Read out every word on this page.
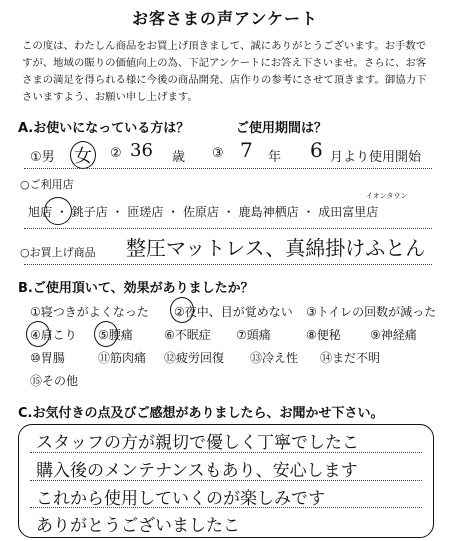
お客さまの声アンケート
この度は、わたしん商品をお買上げ頂きまして、誠にありがとうございます。お手数ですが、地域の賑りの価値向上の為、下記アンケートにお答え下さいませ。さらに、お客さまの満足を得られる様に今後の商品開発、店作りの参考にさせて頂きます。御協力下さいますよう、お願い申し上げます。
A.お使いになっている方は？	ご使用期間は？
①男 女	② 36 歳 ③ 7 年 6 月より使用開始
○ご利用店
イオンタウン
旭店 ・ 銚子店 ・ 匝瑳店 ・ 佐原店 ・ 鹿島神栖店 ・ 成田富里店
○お買上げ商品 整圧マットレス、真綿掛けふとん
B.ご使用頂いて、効果がありましたか？
①寝つきがよくなった ②夜中、目が覚めない ③トイレの回数が減った
④肩こり ⑤腰痛	⑥不眠症 ⑦頭痛	⑧便秘 ⑨神経痛
⑩胃腸	⑪筋肉痛 ⑫疲労回復 ⑬冷え性 ⑭まだ不明
⑮その他
C.お気付きの点及びご感想がありましたら、お聞かせ下さい。
スタッフの方が親切で優しく丁寧でしたこ
購入後のメンテナンスもあり、安心します
これから使用していくのが楽しみです
ありがとうございましたこ
